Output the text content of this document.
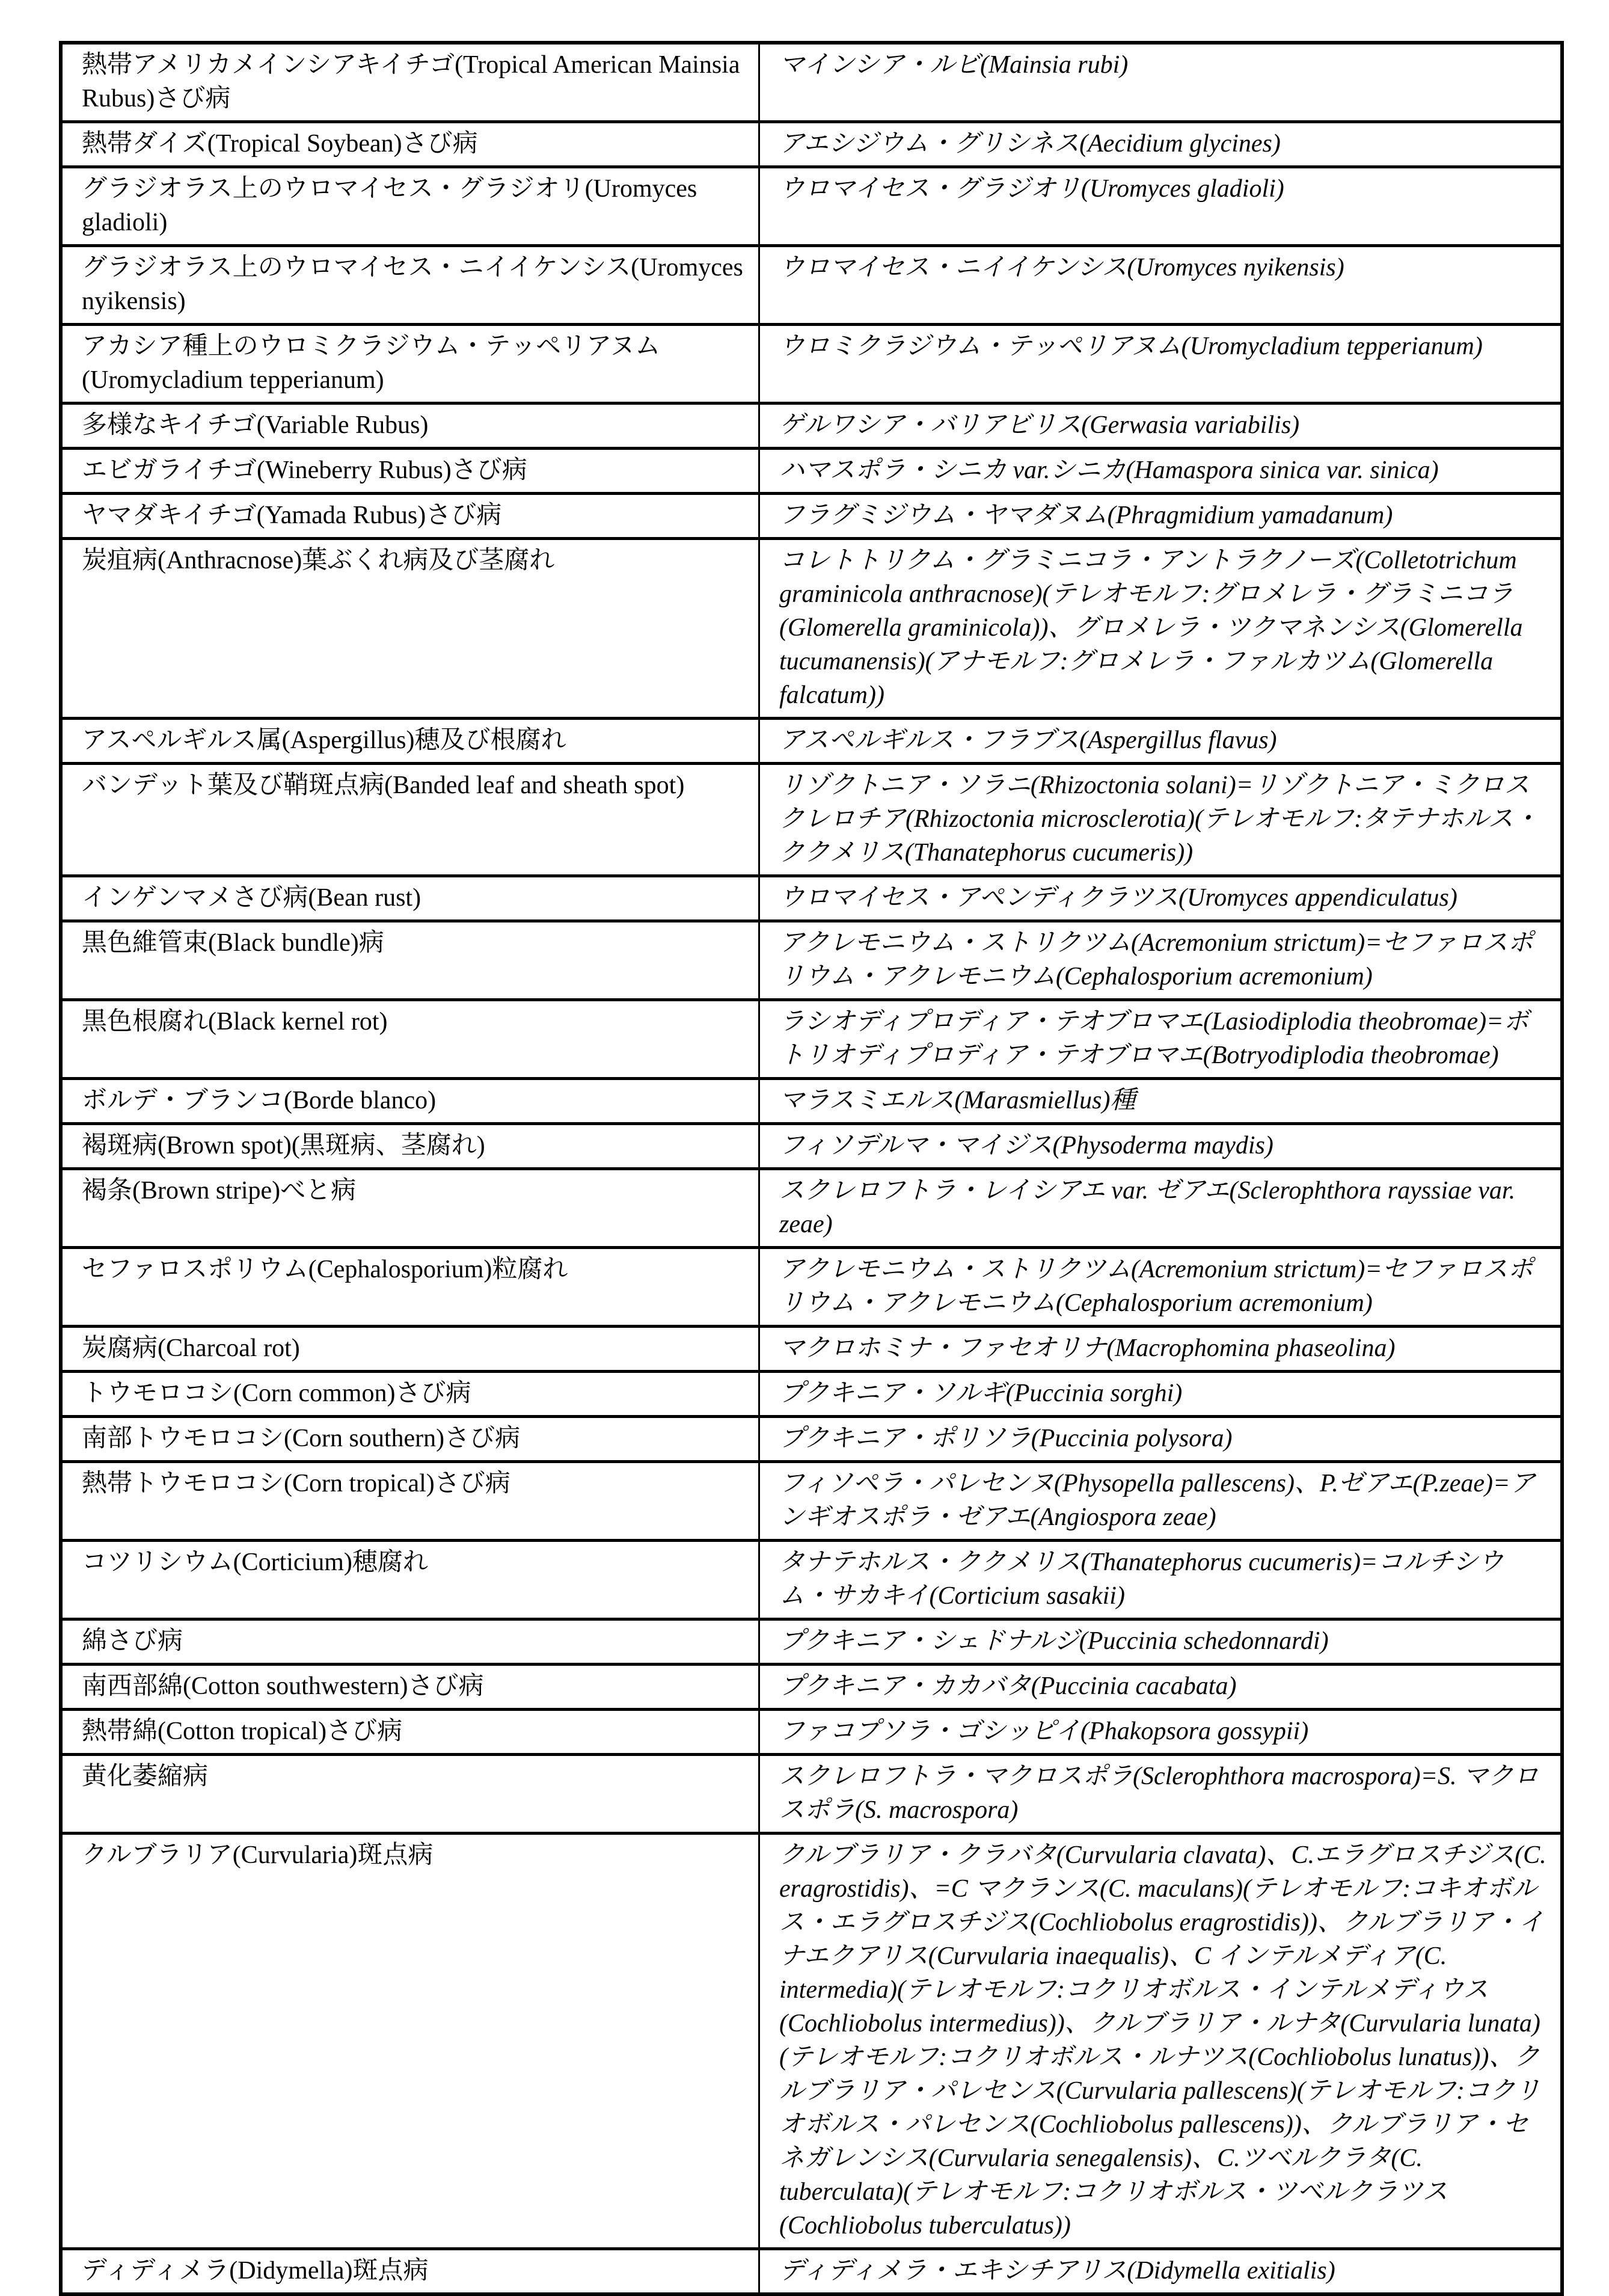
熱帯アメリカメインシアキイチゴ(Tropical American Mainsia Rubus)さび病	マインシア・ルビ(Mainsia rubi)
熱帯ダイズ(Tropical Soybean)さび病	アエシジウム・グリシネス(Aecidium glycines)
グラジオラス上のウロマイセス・グラジオリ(Uromyces gladioli)	ウロマイセス・グラジオリ(Uromyces gladioli)
グラジオラス上のウロマイセス・ニイイケンシス(Uromyces nyikensis)	ウロマイセス・ニイイケンシス(Uromyces nyikensis)
アカシア種上のウロミクラジウム・テッペリアヌム(Uromycladium tepperianum)	ウロミクラジウム・テッペリアヌム(Uromycladium tepperianum)
多様なキイチゴ(Variable Rubus)	ゲルワシア・バリアビリス(Gerwasia variabilis)
エビガライチゴ(Wineberry Rubus)さび病	ハマスポラ・シニカ var.シニカ(Hamaspora sinica var. sinica)
ヤマダキイチゴ(Yamada Rubus)さび病	フラグミジウム・ヤマダヌム(Phragmidium yamadanum)
炭疽病(Anthracnose)葉ぶくれ病及び茎腐れ	コレトトリクム・グラミニコラ・アントラクノーズ(Colletotrichum graminicola anthracnose)(テレオモルフ:グロメレラ・グラミニコラ(Glomerella graminicola))、グロメレラ・ツクマネンシス(Glomerella tucumanensis)(アナモルフ:グロメレラ・ファルカツム(Glomerella falcatum))
アスペルギルス属(Aspergillus)穂及び根腐れ	アスペルギルス・フラブス(Aspergillus flavus)
バンデット葉及び鞘斑点病(Banded leaf and sheath spot)	リゾクトニア・ソラニ(Rhizoctonia solani)=リゾクトニア・ミクロスクレロチア(Rhizoctonia microsclerotia)(テレオモルフ:タテナホルス・ククメリス(Thanatephorus cucumeris))
インゲンマメさび病(Bean rust)	ウロマイセス・アペンディクラツス(Uromyces appendiculatus)
黒色維管束(Black bundle)病	アクレモニウム・ストリクツム(Acremonium strictum)=セファロスポリウム・アクレモニウム(Cephalosporium acremonium)
黒色根腐れ(Black kernel rot)	ラシオディプロディア・テオブロマエ(Lasiodiplodia theobromae)=ボトリオディプロディア・テオブロマエ(Botryodiplodia theobromae)
ボルデ・ブランコ(Borde blanco)	マラスミエルス(Marasmiellus)種
褐斑病(Brown spot)(黒斑病、茎腐れ)	フィソデルマ・マイジス(Physoderma maydis)
褐条(Brown stripe)べと病	スクレロフトラ・レイシアエ var. ゼアエ(Sclerophthora rayssiae var. zeae)
セファロスポリウム(Cephalosporium)粒腐れ	アクレモニウム・ストリクツム(Acremonium strictum)=セファロスポリウム・アクレモニウム(Cephalosporium acremonium)
炭腐病(Charcoal rot)	マクロホミナ・ファセオリナ(Macrophomina phaseolina)
トウモロコシ(Corn common)さび病	プクキニア・ソルギ(Puccinia sorghi)
南部トウモロコシ(Corn southern)さび病	プクキニア・ポリソラ(Puccinia polysora)
熱帯トウモロコシ(Corn tropical)さび病	フィソペラ・パレセンヌ(Physopella pallescens)、P.ゼアエ(P.zeae)=アンギオスポラ・ゼアエ(Angiospora zeae)
コツリシウム(Corticium)穂腐れ	タナテホルス・ククメリス(Thanatephorus cucumeris)=コルチシウム・サカキイ(Corticium sasakii)
綿さび病	プクキニア・シェドナルジ(Puccinia schedonnardi)
南西部綿(Cotton southwestern)さび病	プクキニア・カカバタ(Puccinia cacabata)
熱帯綿(Cotton tropical)さび病	ファコプソラ・ゴシッピイ(Phakopsora gossypii)
黄化萎縮病	スクレロフトラ・マクロスポラ(Sclerophthora macrospora)=S. マクロスポラ(S. macrospora)
クルブラリア(Curvularia)斑点病	クルブラリア・クラバタ(Curvularia clavata)、C.エラグロスチジス(C. eragrostidis)、=C マクランス(C. maculans)(テレオモルフ:コキオボルス・エラグロスチジス(Cochliobolus eragrostidis))、クルブラリア・イナエクアリス(Curvularia inaequalis)、C インテルメディア(C. intermedia)(テレオモルフ:コクリオボルス・インテルメディウス(Cochliobolus intermedius))、クルブラリア・ルナタ(Curvularia lunata)(テレオモルフ:コクリオボルス・ルナツス(Cochliobolus lunatus))、クルブラリア・パレセンス(Curvularia pallescens)(テレオモルフ:コクリオボルス・パレセンス(Cochliobolus pallescens))、クルブラリア・セネガレンシス(Curvularia senegalensis)、C.ツベルクラタ(C. tuberculata)(テレオモルフ:コクリオボルス・ツベルクラツス(Cochliobolus tuberculatus))
ディディメラ(Didymella)斑点病	ディディメラ・エキシチアリス(Didymella exitialis)
